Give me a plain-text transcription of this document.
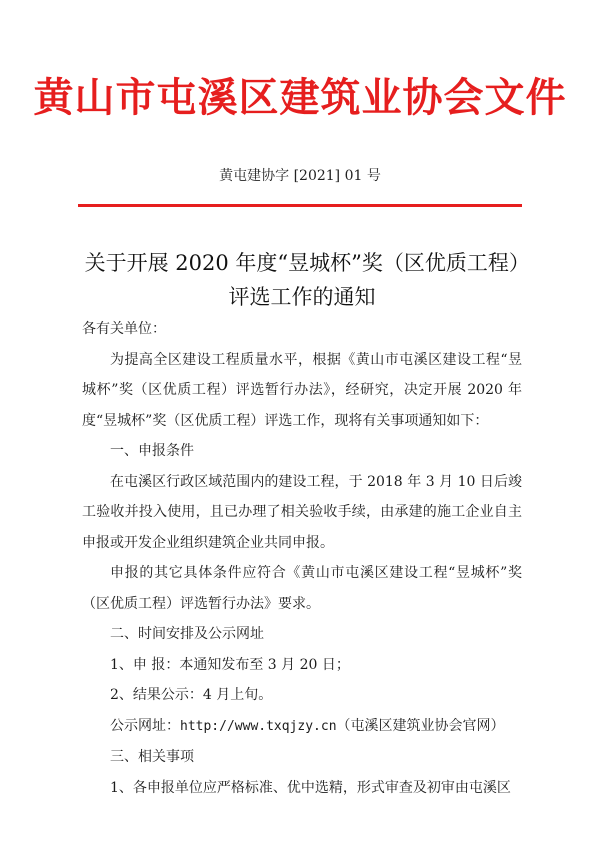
黄山市屯溪区建筑业协会文件
黄屯建协字 [2021] 01 号
关于开展 2020 年度“昱城杯”奖（区优质工程）评选工作的通知

各有关单位：

为提高全区建设工程质量水平，根据《黄山市屯溪区建设工程“昱城杯”奖（区优质工程）评选暂行办法》，经研究，决定开展 2020 年度“昱城杯”奖（区优质工程）评选工作，现将有关事项通知如下：

一、申报条件

在屯溪区行政区域范围内的建设工程，于 2018 年 3 月 10 日后竣工验收并投入使用，且已办理了相关验收手续，由承建的施工企业自主申报或开发企业组织建筑企业共同申报。

申报的其它具体条件应符合《黄山市屯溪区建设工程“昱城杯”奖（区优质工程）评选暂行办法》要求。

二、时间安排及公示网址

1、申 报：本通知发布至 3 月 20 日；

2、结果公示：4 月上旬。

公示网址：http://www.txqjzy.cn（屯溪区建筑业协会官网）

三、相关事项

1、各申报单位应严格标准、优中选精，形式审查及初审由屯溪区
